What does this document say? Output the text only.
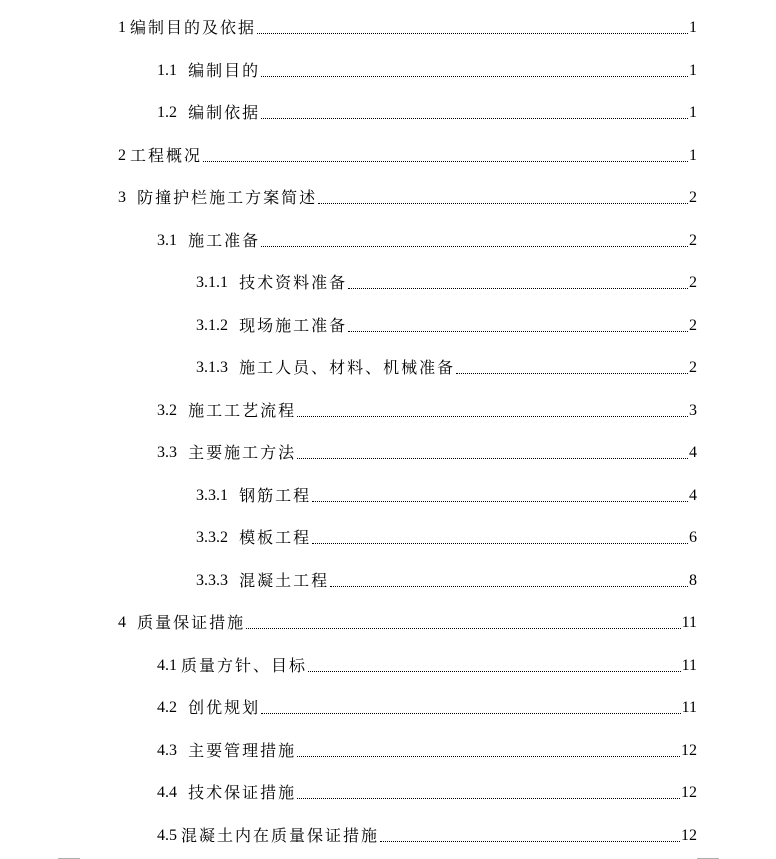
1 编制目的及依据	1
1.1 编制目的	1
1.2 编制依据	1
2 工程概况	1
3 防撞护栏施工方案简述	2
3.1 施工准备	2
3.1.1 技术资料准备	2
3.1.2 现场施工准备	2
3.1.3 施工人员、材料、机械准备	2
3.2 施工工艺流程	3
3.3 主要施工方法	4
3.3.1 钢筋工程	4
3.3.2 模板工程	6
3.3.3 混凝土工程	8
4 质量保证措施	11
4.1 质量方针、目标	11
4.2 创优规划	11
4.3 主要管理措施	12
4.4 技术保证措施	12
4.5 混凝土内在质量保证措施	12
